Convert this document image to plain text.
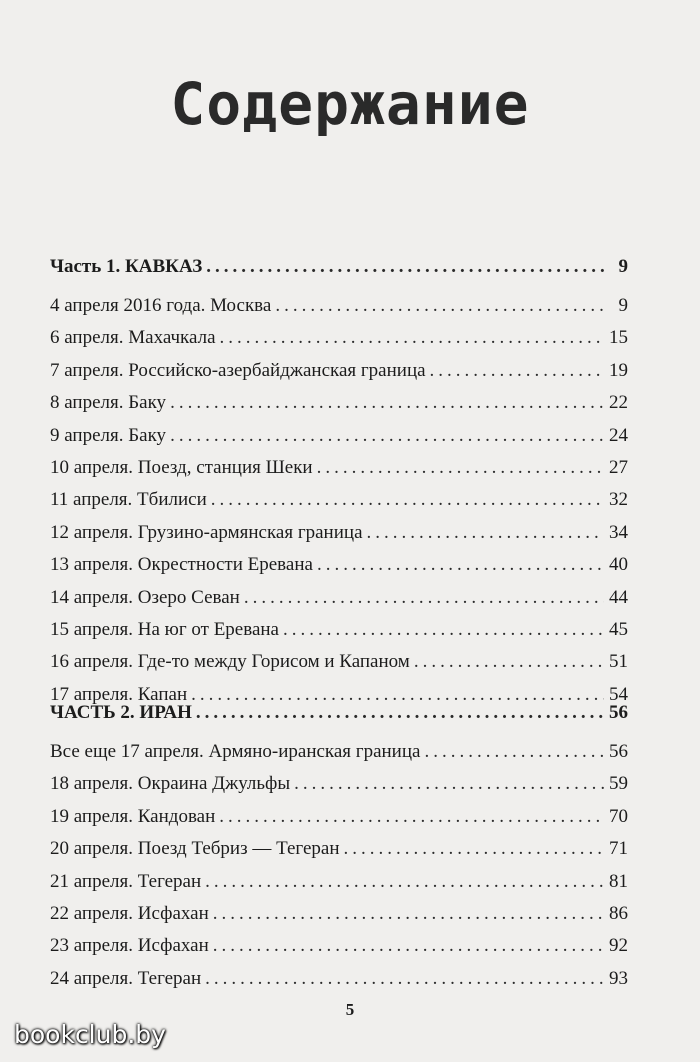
Содержание
Часть 1. КАВКАЗ .....	9
4 апреля 2016 года. Москва .....	9
6 апреля. Махачкала .....	15
7 апреля. Российско-азербайджанская граница .....	19
8 апреля. Баку .....	22
9 апреля. Баку .....	24
10 апреля. Поезд, станция Шеки .....	27
11 апреля. Тбилиси .....	32
12 апреля. Грузино-армянская граница .....	34
13 апреля. Окрестности Еревана .....	40
14 апреля. Озеро Севан .....	44
15 апреля. На юг от Еревана .....	45
16 апреля. Где-то между Горисом и Капаном .....	51
17 апреля. Капан .....	54
ЧАСТЬ 2. ИРАН .....	56
Все еще 17 апреля. Армяно-иранская граница .....	56
18 апреля. Окраина Джульфы .....	59
19 апреля. Кандован .....	70
20 апреля. Поезд Тебриз — Тегеран .....	71
21 апреля. Тегеран .....	81
22 апреля. Исфахан .....	86
23 апреля. Исфахан .....	92
24 апреля. Тегеран .....	93
5
bookclub.by
